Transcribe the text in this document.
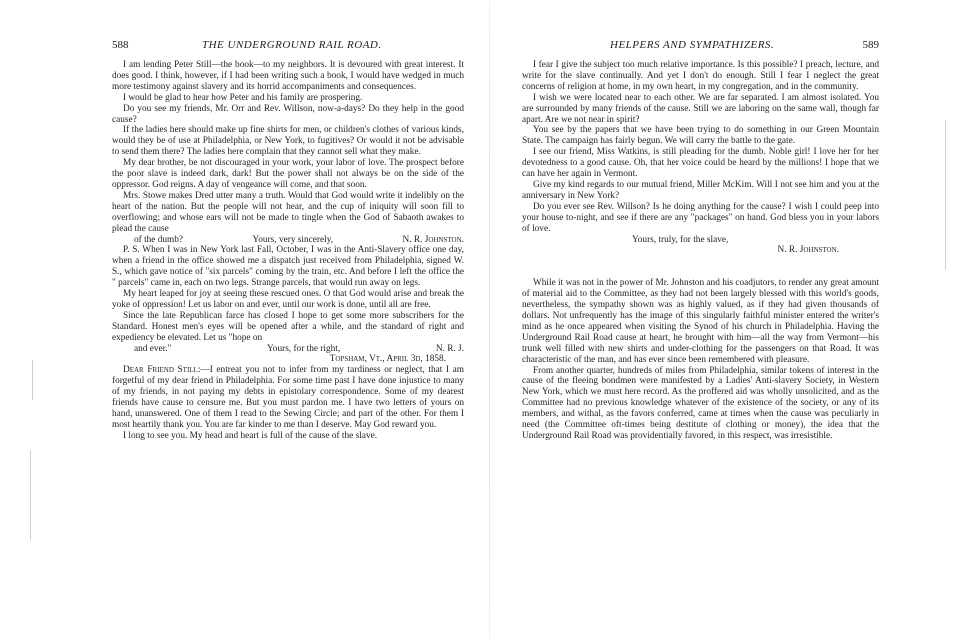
588	THE UNDERGROUND RAIL ROAD.

I am lending Peter Still—the book—to my neighbors. It is devoured with great interest. It does good. I think, however, if I had been writing such a book, I would have wedged in much more testimony against slavery and its horrid accompaniments and consequences.

I would be glad to hear how Peter and his family are prospering.

Do you see my friends, Mr. Orr and Rev. Willson, now-a-days? Do they help in the good cause?

If the ladies here should make up fine shirts for men, or children's clothes of various kinds, would they be of use at Philadelphia, or New York, to fugitives? Or would it not be advisable to send them there? The ladies here complain that they cannot sell what they make.

My dear brother, be not discouraged in your work, your labor of love. The prospect before the poor slave is indeed dark, dark! But the power shall not always be on the side of the oppressor. God reigns. A day of vengeance will come, and that soon.

Mrs. Stowe makes Dred utter many a truth. Would that God would write it indelibly on the heart of the nation. But the people will not hear, and the cup of iniquity will soon fill to overflowing; and whose ears will not be made to tingle when the God of Sabaoth awakes to plead the cause

of the dumb?	Yours, very sincerely,	N. R. Johnston.

P. S. When I was in New York last Fall, October, I was in the Anti-Slavery office one day, when a friend in the office showed me a dispatch just received from Philadelphia, signed W. S., which gave notice of "six parcels" coming by the train, etc. And before I left the office the " parcels" came in, each on two legs. Strange parcels, that would run away on legs.

My heart leaped for joy at seeing these rescued ones. O that God would arise and break the yoke of oppression! Let us labor on and ever, until our work is done, until all are free.

Since the late Republican farce has closed I hope to get some more subscribers for the Standard. Honest men's eyes will be opened after a while, and the standard of right and expediency be elevated. Let us "hope on

and ever."	Yours, for the right,	N. R. J.

Topsham, Vt., April 3d, 1858.

Dear Friend Still:—I entreat you not to infer from my tardiness or neglect, that I am forgetful of my dear friend in Philadelphia. For some time past I have done injustice to many of my friends, in not paying my debts in epistolary correspondence. Some of my dearest friends have cause to censure me. But you must pardon me. I have two letters of yours on hand, unanswered. One of them I read to the Sewing Circle; and part of the other. For them I most heartily thank you. You are far kinder to me than I deserve. May God reward you.

I long to see you. My head and heart is full of the cause of the slave.

HELPERS AND SYMPATHIZERS.	589

I fear I give the subject too much relative importance. Is this possible? I preach, lecture, and write for the slave continually. And yet I don't do enough. Still I fear I neglect the great concerns of religion at home, in my own heart, in my congregation, and in the community.

I wish we were located near to each other. We are far separated. I am almost isolated. You are surrounded by many friends of the cause. Still we are laboring on the same wall, though far apart. Are we not near in spirit?

You see by the papers that we have been trying to do something in our Green Mountain State. The campaign has fairly begun. We will carry the battle to the gate.

I see our friend, Miss Watkins, is still pleading for the dumb. Noble girl! I love her for her devotedness to a good cause. Oh, that her voice could be heard by the millions! I hope that we can have her again in Vermont.

Give my kind regards to our mutual friend, Miller McKim. Will I not see him and you at the anniversary in New York?

Do you ever see Rev. Willson? Is he doing anything for the cause? I wish I could peep into your house to-night, and see if there are any "packages" on hand. God bless you in your labors of love.

Yours, truly, for the slave,

N. R. Johnston.

While it was not in the power of Mr. Johnston and his coadjutors, to render any great amount of material aid to the Committee, as they had not been largely blessed with this world's goods, nevertheless, the sympathy shown was as highly valued, as if they had given thousands of dollars. Not unfrequently has the image of this singularly faithful minister entered the writer's mind as he once appeared when visiting the Synod of his church in Philadelphia. Having the Underground Rail Road cause at heart, he brought with him—all the way from Vermont—his trunk well filled with new shirts and under-clothing for the passengers on that Road. It was characteristic of the man, and has ever since been remembered with pleasure.

From another quarter, hundreds of miles from Philadelphia, similar tokens of interest in the cause of the fleeing bondmen were manifested by a Ladies' Anti-slavery Society, in Western New York, which we must here record. As the proffered aid was wholly unsolicited, and as the Committee had no previous knowledge whatever of the existence of the society, or any of its members, and withal, as the favors conferred, came at times when the cause was peculiarly in need (the Committee oft-times being destitute of clothing or money), the idea that the Underground Rail Road was providentially favored, in this respect, was irresistible.
